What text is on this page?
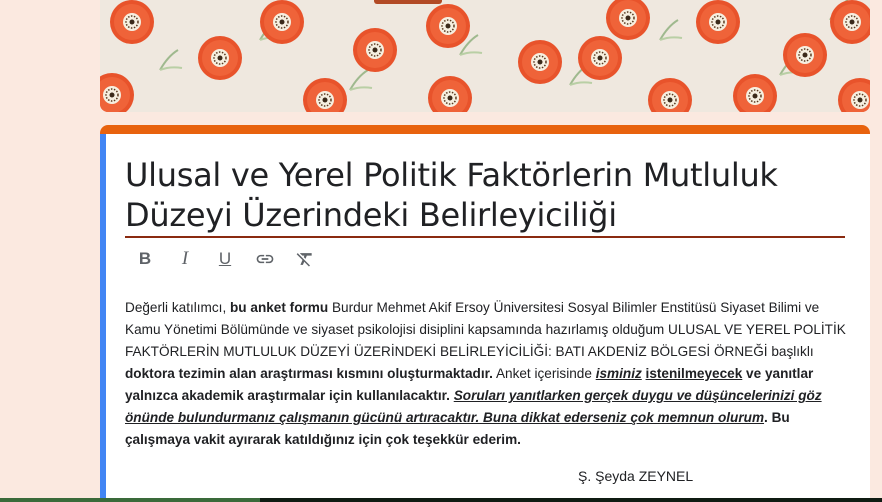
Ulusal ve Yerel Politik Faktörlerin Mutluluk Düzeyi Üzerindeki Belirleyiciliği
B	I	U
Değerli katılımcı, bu anket formu Burdur Mehmet Akif Ersoy Üniversitesi Sosyal Bilimler Enstitüsü Siyaset Bilimi ve Kamu Yönetimi Bölümünde ve siyaset psikolojisi disiplini kapsamında hazırlamış olduğum ULUSAL VE YEREL POLİTİK FAKTÖRLERİN MUTLULUK DÜZEYİ ÜZERİNDEKİ BELİRLEYİCİLİĞİ: BATI AKDENİZ BÖLGESİ ÖRNEĞİ başlıklı doktora tezimin alan araştırması kısmını oluşturmaktadır. Anket içerisinde isminiz istenilmeyecek ve yanıtlar yalnızca akademik araştırmalar için kullanılacaktır. Soruları yanıtlarken gerçek duygu ve düşüncelerinizi göz önünde bulundurmanız çalışmanın gücünü artıracaktır. Buna dikkat ederseniz çok memnun olurum. Bu çalışmaya vakit ayırarak katıldığınız için çok teşekkür ederim.
Ş. Şeyda ZEYNEL
